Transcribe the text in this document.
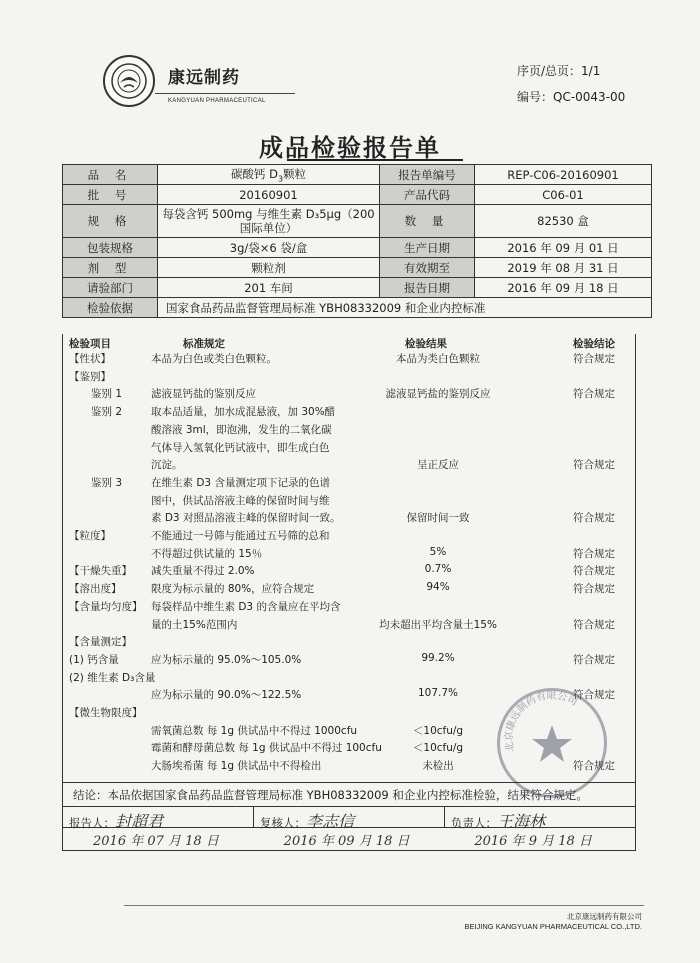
康远制药
KANGYUAN PHARMACEUTICAL
序页/总页：1/1
编号：QC-0043-00
成品检验报告单
品 名	碳酸钙 $D_3$颗粒	报告单编号	REP-C06-20160901
批 号	20160901	产品代码	C06-01
规 格	每袋含钙 500mg 与维生素 D₃5μg（200 国际单位）	数 量	82530 盒
包装规格	3g/袋×6 袋/盒	生产日期	2016 年 09 月 01 日
剂 型	颗粒剂	有效期至	2019 年 08 月 31 日
请验部门	201 车间	报告日期	2016 年 09 月 18 日
检验依据	国家食品药品监督管理局标准 YBH08332009 和企业内控标准		
检验项目	标准规定	检验结果	检验结论
【性状】	本品为白色或类白色颗粒。	本品为类白色颗粒	符合规定
【鉴别】
鉴别 1	滤液显钙盐的鉴别反应	滤液显钙盐的鉴别反应	符合规定
鉴别 2	取本品适量，加水成混悬液，加 30%醋
酸溶液 3ml，即泡沸，发生的二氧化碳
气体导入氢氧化钙试液中，即生成白色
沉淀。	呈正反应	符合规定
鉴别 3	在维生素 D3 含量测定项下记录的色谱
图中，供试品溶液主峰的保留时间与维
素 D3 对照品溶液主峰的保留时间一致。	保留时间一致	符合规定
【粒度】	不能通过一号筛与能通过五号筛的总和
不得超过供试量的 15％	5%	符合规定
【干燥失重】 减失重量不得过 2.0%	0.7%	符合规定
【溶出度】	限度为标示量的 80%，应符合规定	94%	符合规定
【含量均匀度】 每袋样品中维生素 D3 的含量应在平均含
量的土15%范围内	均未超出平均含量土15%	符合规定
【含量测定】
(1) 钙含量	应为标示量的 95.0%～105.0%	99.2%	符合规定
(2) 维生素 D₃含量
应为标示量的 90.0%～122.5%	107.7%	符合规定
【微生物限度】
需氧菌总数 每 1g 供试品中不得过 1000cfu	＜10cfu/g
霉菌和酵母菌总数 每 1g 供试品中不得过 100cfu	＜10cfu/g
大肠埃希菌 每 1g 供试品中不得检出	未检出	符合规定
北京康远制药有限公司
结论：本品依据国家食品药品监督管理局标准 YBH08332009 和企业内控标准检验，结果符合规定。
报告人：封超君	复核人：李志信	负责人：王海林
2016 年 07 月 18 日	2016 年 09 月 18 日	2016 年 9 月 18 日
北京康远制药有限公司
BEIJING KANGYUAN PHARMACEUTICAL CO.,LTD.
